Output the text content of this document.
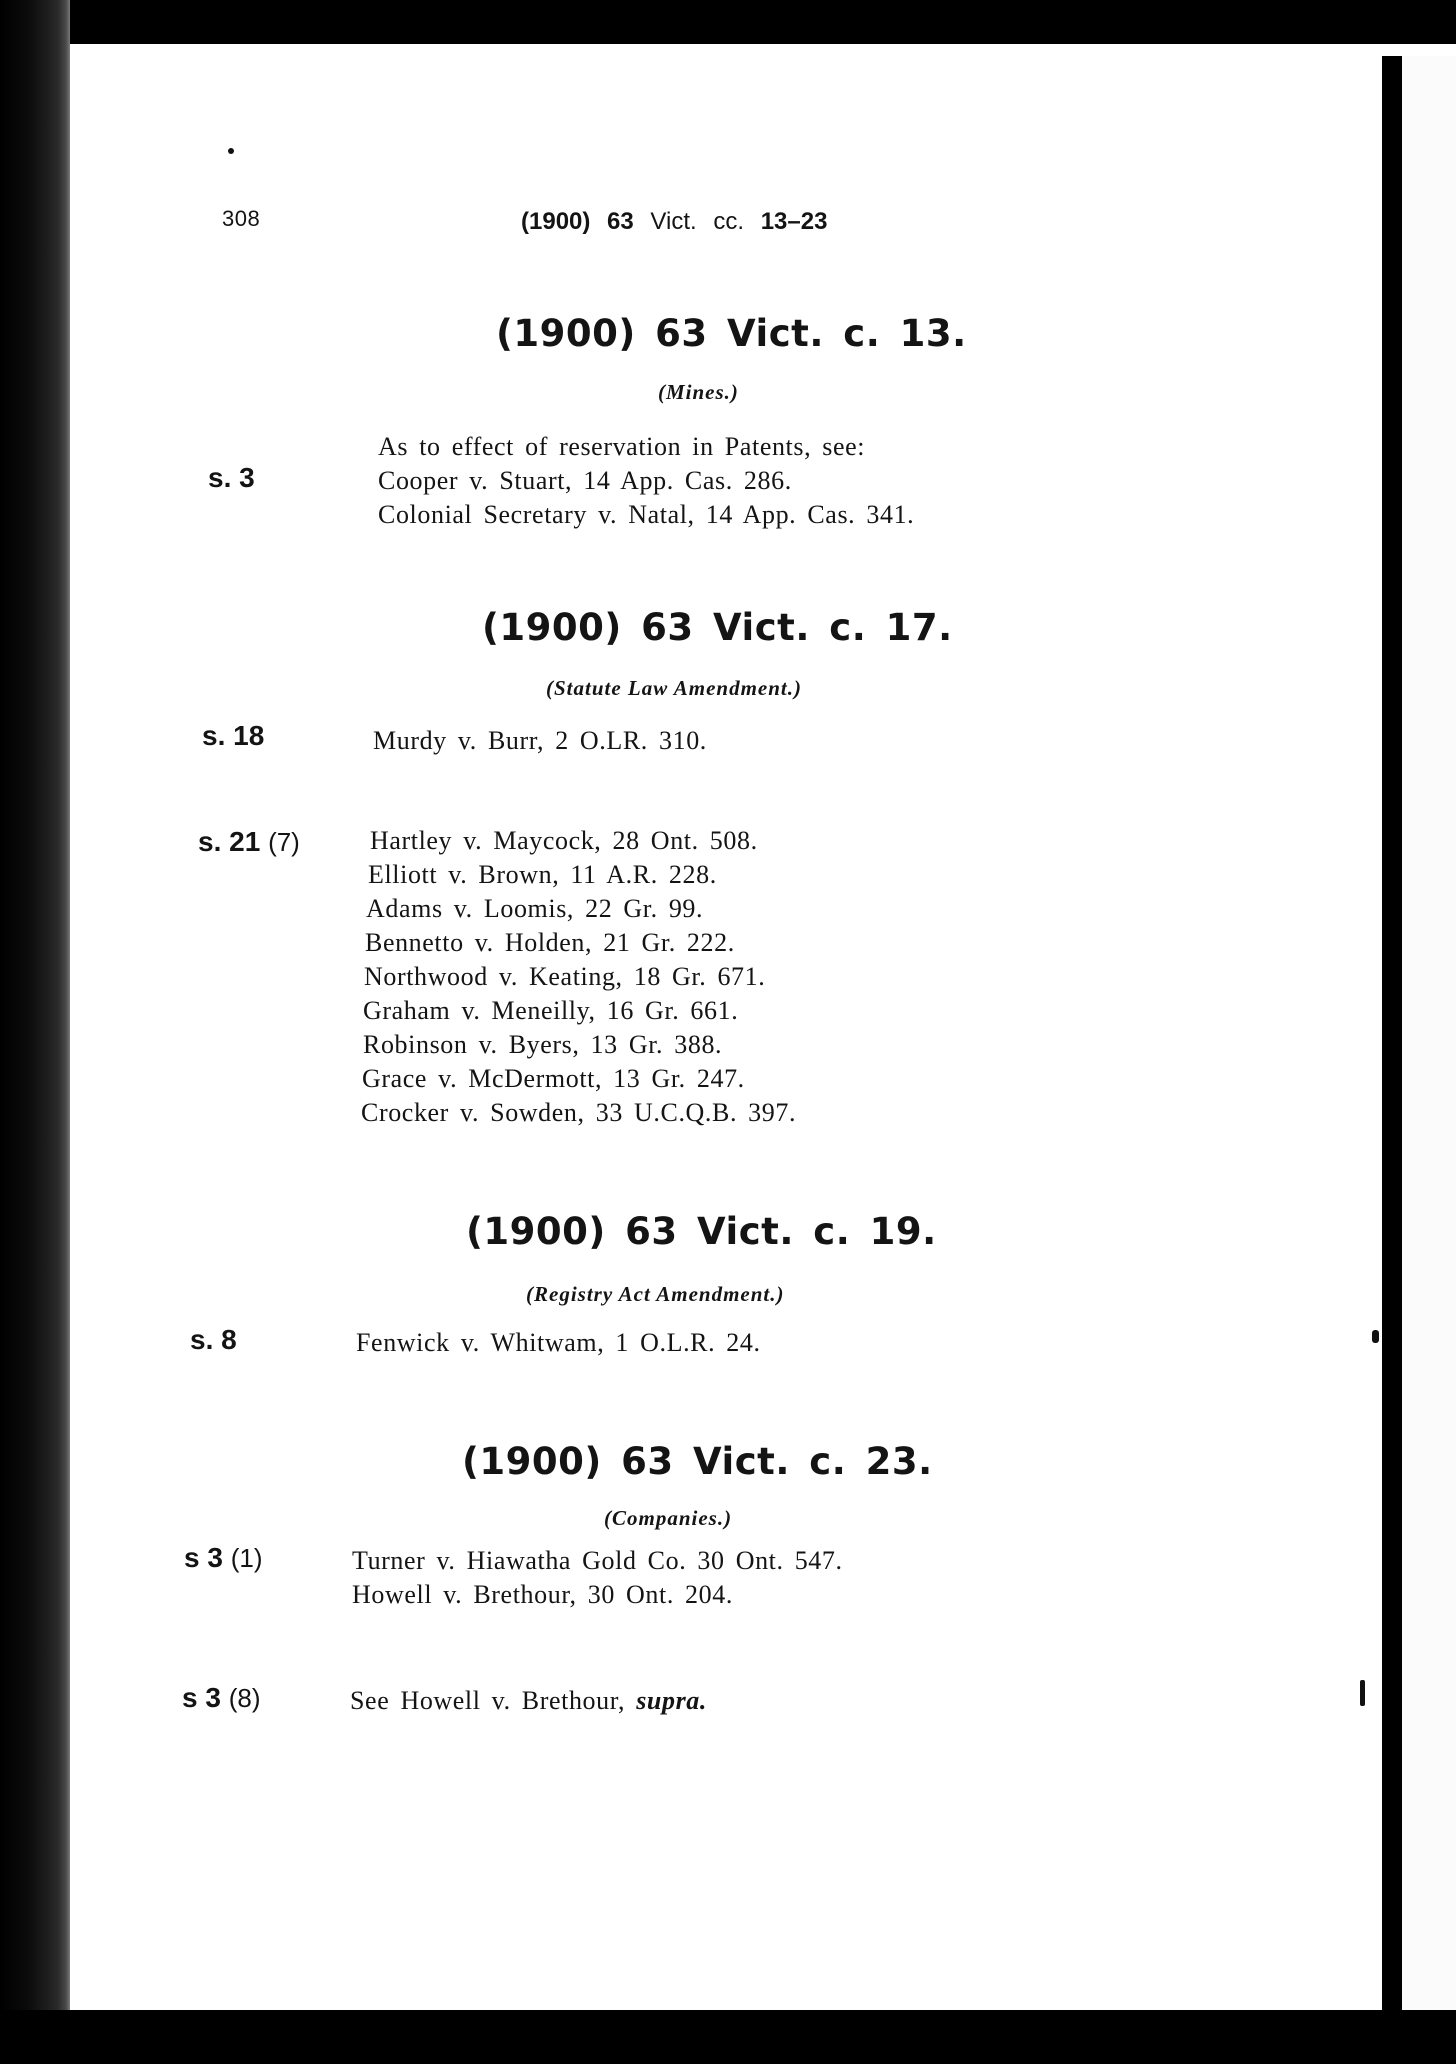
308	(1900) 63 Vict. cc. 13–23
(1900) 63 Vict. c. 13.
(Mines.)
As to effect of reservation in Patents, see:
s. 3	Cooper v. Stuart, 14 App. Cas. 286.
Colonial Secretary v. Natal, 14 App. Cas. 341.
(1900) 63 Vict. c. 17.
(Statute Law Amendment.)
s. 18	Murdy v. Burr, 2 O.LR. 310.
s. 21 (7)	Hartley v. Maycock, 28 Ont. 508.
Elliott v. Brown, 11 A.R. 228.
Adams v. Loomis, 22 Gr. 99.
Bennetto v. Holden, 21 Gr. 222.
Northwood v. Keating, 18 Gr. 671.
Graham v. Meneilly, 16 Gr. 661.
Robinson v. Byers, 13 Gr. 388.
Grace v. McDermott, 13 Gr. 247.
Crocker v. Sowden, 33 U.C.Q.B. 397.
(1900) 63 Vict. c. 19.
(Registry Act Amendment.)
s. 8	Fenwick v. Whitwam, 1 O.L.R. 24.
(1900) 63 Vict. c. 23.
(Companies.)
s 3 (1)	Turner v. Hiawatha Gold Co. 30 Ont. 547.
Howell v. Brethour, 30 Ont. 204.
s 3 (8)	See Howell v. Brethour, supra.
